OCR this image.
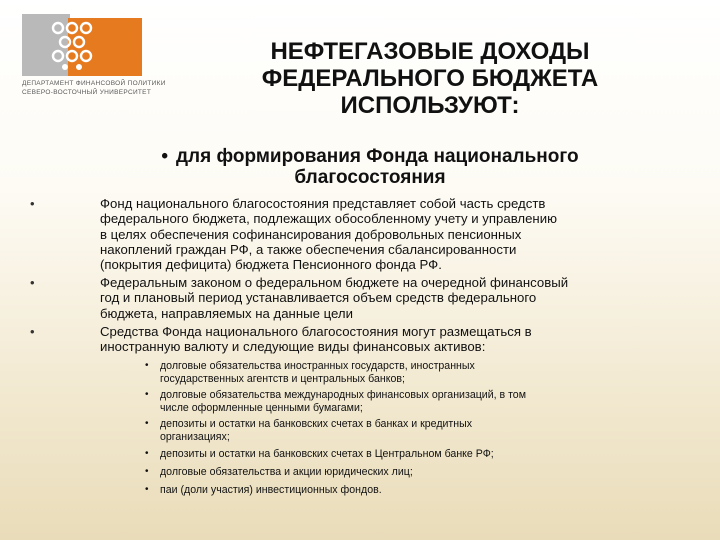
ДЕПАРТАМЕНТ ФИНАНСОВОЙ ПОЛИТИКИ
СЕВЕРО-ВОСТОЧНЫЙ УНИВЕРСИТЕТ
НЕФТЕГАЗОВЫЕ ДОХОДЫ
ФЕДЕРАЛЬНОГО БЮДЖЕТА
ИСПОЛЬЗУЮТ:
• для формирования Фонда национального
благосостояния
•	Фонд национального благосостояния представляет собой часть средств
федерального бюджета, подлежащих обособленному учету и управлению
в целях обеспечения софинансирования добровольных пенсионных
накоплений граждан РФ, а также обеспечения сбалансированности
(покрытия дефицита) бюджета Пенсионного фонда РФ.
•	Федеральным законом о федеральном бюджете на очередной финансовый
год и плановый период устанавливается объем средств федерального
бюджета, направляемых на данные цели
•	Средства Фонда национального благосостояния могут размещаться в
иностранную валюту и следующие виды финансовых активов:
• долговые обязательства иностранных государств, иностранных
государственных агентств и центральных банков;
• долговые обязательства международных финансовых организаций, в том
числе оформленные ценными бумагами;
• депозиты и остатки на банковских счетах в банках и кредитных
организациях;
• депозиты и остатки на банковских счетах в Центральном банке РФ;
• долговые обязательства и акции юридических лиц;
• паи (доли участия) инвестиционных фондов.
